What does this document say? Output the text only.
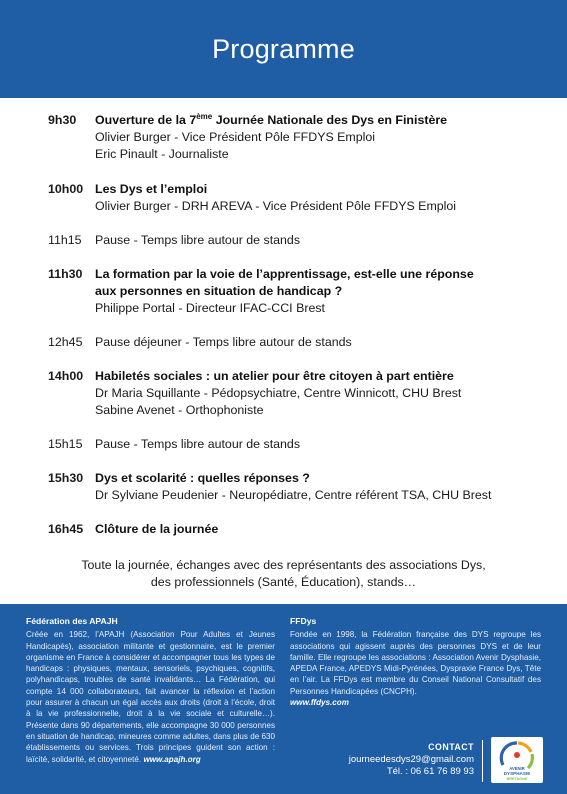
Programme
9h30	Ouverture de la 7ème Journée Nationale des Dys en Finistère
Olivier Burger - Vice Président Pôle FFDYS Emploi
Eric Pinault - Journaliste
10h00 Les Dys et l’emploi
Olivier Burger - DRH AREVA - Vice Président Pôle FFDYS Emploi
11h15	Pause - Temps libre autour de stands
11h30	La formation par la voie de l’apprentissage, est-elle une réponse
aux personnes en situation de handicap ?
Philippe Portal - Directeur IFAC-CCI Brest
12h45	Pause déjeuner - Temps libre autour de stands
14h00 Habiletés sociales : un atelier pour être citoyen à part entière
Dr Maria Squillante - Pédopsychiatre, Centre Winnicott, CHU Brest
Sabine Avenet - Orthophoniste
15h15	Pause - Temps libre autour de stands
15h30 Dys et scolarité : quelles réponses ?
Dr Sylviane Peudenier - Neuropédiatre, Centre référent TSA, CHU Brest
16h45 Clôture de la journée
Toute la journée, échanges avec des représentants des associations Dys,
des professionnels (Santé, Éducation), stands…
Fédération des APAJH

Créée en 1962, l’APAJH (Association Pour Adultes et Jeunes Handicapés), association militante et gestionnaire, est le premier organisme en France à considérer et accompagner tous les types de handicaps : physiques, mentaux, sensoriels, psychiques, cognitifs, polyhandicaps, troubles de santé invalidants… La Fédération, qui compte 14 000 collaborateurs, fait avancer la réflexion et l’action pour assurer à chacun un égal accès aux droits (droit à l’école, droit à la vie professionnelle, droit à la vie sociale et culturelle…). Présente dans 90 départements, elle accompagne 30 000 personnes en situation de handicap, mineures comme adultes, dans plus de 630 établissements ou services. Trois principes guident son action : laïcité, solidarité, et citoyenneté. www.apajh.org

FFDys

Fondée en 1998, la Fédération française des DYS regroupe les associations qui agissent auprès des personnes DYS et de leur famille. Elle regroupe les associations : Association Avenir Dysphasie, APEDA France, APEDYS Midi-Pyrénées, Dyspraxie France Dys, Tête en l’air. La FFDys est membre du Conseil National Consultatif des Personnes Handicapées (CNCPH).

www.ffdys.com

CONTACT
journeedesdys29@gmail.com
Tél. : 06 61 76 89 93	AVENIR
DYSPHASIE
BRETAGNE
